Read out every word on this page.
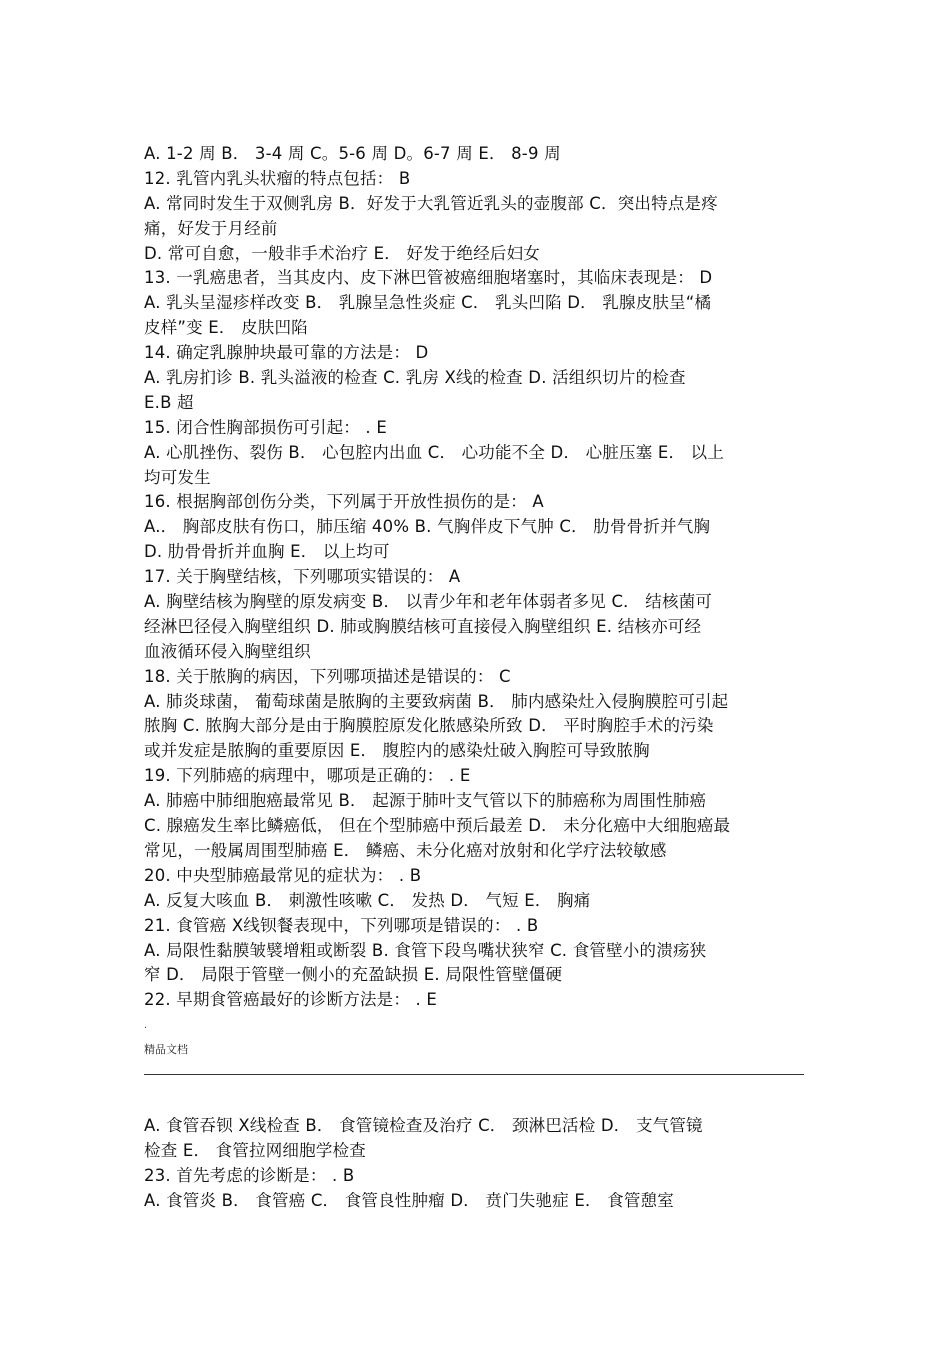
A. 1-2 周 B． 3-4 周 C。5-6 周 D。6-7 周 E． 8-9 周
12. 乳管内乳头状瘤的特点包括： B
A. 常同时发生于双侧乳房 B．好发于大乳管近乳头的壶腹部 C．突出特点是疼
痛，好发于月经前
D. 常可自愈，一般非手术治疗 E． 好发于绝经后妇女
13. 一乳癌患者，当其皮内、皮下淋巴管被癌细胞堵塞时，其临床表现是： D
A. 乳头呈湿疹样改变 B． 乳腺呈急性炎症 C． 乳头凹陷 D． 乳腺皮肤呈“橘
皮样”变 E． 皮肤凹陷
14. 确定乳腺肿块最可靠的方法是： D
A. 乳房扪诊 B. 乳头溢液的检查 C. 乳房 X线的检查 D. 活组织切片的检查
E.B 超
15. 闭合性胸部损伤可引起： . E
A. 心肌挫伤、裂伤 B． 心包腔内出血 C． 心功能不全 D． 心脏压塞 E． 以上
均可发生
16. 根据胸部创伤分类，下列属于开放性损伤的是： A
A.． 胸部皮肤有伤口，肺压缩 40% B. 气胸伴皮下气肿 C． 肋骨骨折并气胸
D. 肋骨骨折并血胸 E． 以上均可
17. 关于胸壁结核，下列哪项实错误的： A
A. 胸壁结核为胸壁的原发病变 B． 以青少年和老年体弱者多见 C． 结核菌可
经淋巴径侵入胸壁组织 D. 肺或胸膜结核可直接侵入胸壁组织 E. 结核亦可经
血液循环侵入胸壁组织
18. 关于脓胸的病因，下列哪项描述是错误的： C
A. 肺炎球菌， 葡萄球菌是脓胸的主要致病菌 B． 肺内感染灶入侵胸膜腔可引起
脓胸 C. 脓胸大部分是由于胸膜腔原发化脓感染所致 D． 平时胸腔手术的污染
或并发症是脓胸的重要原因 E． 腹腔内的感染灶破入胸腔可导致脓胸
19. 下列肺癌的病理中，哪项是正确的： . E
A. 肺癌中肺细胞癌最常见 B． 起源于肺叶支气管以下的肺癌称为周围性肺癌
C. 腺癌发生率比鳞癌低， 但在个型肺癌中预后最差 D． 未分化癌中大细胞癌最
常见，一般属周围型肺癌 E． 鳞癌、未分化癌对放射和化学疗法较敏感
20. 中央型肺癌最常见的症状为： . B
A. 反复大咳血 B． 刺激性咳嗽 C． 发热 D． 气短 E． 胸痛
21. 食管癌 X线钡餐表现中，下列哪项是错误的： . B
A. 局限性黏膜皱襞增粗或断裂 B. 食管下段鸟嘴状狭窄 C. 食管壁小的溃疡狭
窄 D． 局限于管壁一侧小的充盈缺损 E. 局限性管壁僵硬
22. 早期食管癌最好的诊断方法是： . E
.
精品文档
A. 食管吞钡 X线检查 B． 食管镜检查及治疗 C． 颈淋巴活检 D． 支气管镜
检查 E． 食管拉网细胞学检查
23. 首先考虑的诊断是： . B
A. 食管炎 B． 食管癌 C． 食管良性肿瘤 D． 贲门失驰症 E． 食管憩室
